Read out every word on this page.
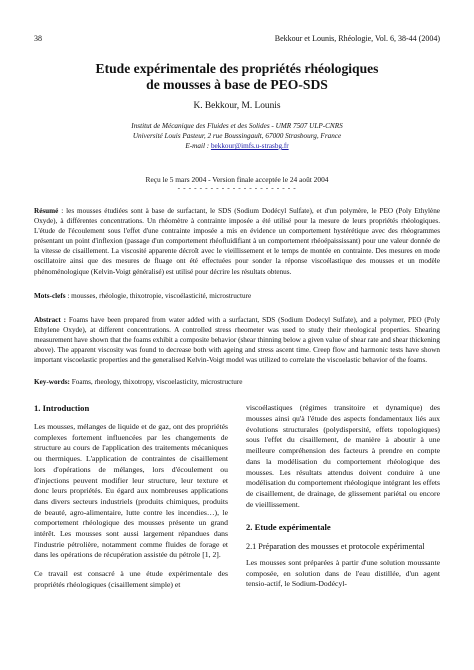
38	Bekkour et Lounis, Rhéologie, Vol. 6, 38-44 (2004)
Etude expérimentale des propriétés rhéologiques
de mousses à base de PEO-SDS
K. Bekkour, M. Lounis
Institut de Mécanique des Fluides et des Solides - UMR 7507 ULP-CNRS
Université Louis Pasteur, 2 rue Boussingault, 67000 Strasbourg, France
E-mail : bekkour@imfs.u-strasbg.fr
Reçu le 5 mars 2004 - Version finale acceptée le 24 août 2004
- - - - - - - - - - - - - - - - - - - - - -
Résumé : les mousses étudiées sont à base de surfactant, le SDS (Sodium Dodécyl Sulfate), et d'un polymère, le PEO (Poly Ethylène Oxyde), à différentes concentrations. Un rhéomètre à contrainte imposée a été utilisé pour la mesure de leurs propriétés rhéologiques. L'étude de l'écoulement sous l'effet d'une contrainte imposée a mis en évidence un comportement hystérétique avec des rhéogrammes présentant un point d'inflexion (passage d'un comportement rhéofluidifiant à un comportement rhéoépaississant) pour une valeur donnée de la vitesse de cisaillement. La viscosité apparente décroît avec le vieillissement et le temps de montée en contrainte. Des mesures en mode oscillatoire ainsi que des mesures de fluage ont été effectuées pour sonder la réponse viscoélastique des mousses et un modèle phénoménologique (Kelvin-Voigt généralisé) est utilisé pour décrire les résultats obtenus.
Mots-clefs : mousses, rhéologie, thixotropie, viscoélasticité, microstructure
Abstract : Foams have been prepared from water added with a surfactant, SDS (Sodium Dodecyl Sulfate), and a polymer, PEO (Poly Ethylene Oxyde), at different concentrations. A controlled stress rheometer was used to study their rheological properties. Shearing measurement have shown that the foams exhibit a composite behavior (shear thinning below a given value of shear rate and shear thickening above). The apparent viscosity was found to decrease both with ageing and stress ascent time. Creep flow and harmonic tests have shown important viscoelastic properties and the generalised Kelvin-Voigt model was utilized to correlate the viscoelastic behavior of the foams.
Key-words: Foams, rheology, thixotropy, viscoelasticity, microstructure
1. Introduction

Les mousses, mélanges de liquide et de gaz, ont des propriétés complexes fortement influencées par les changements de structure au cours de l'application des traitements mécaniques ou thermiques. L'application de contraintes de cisaillement lors d'opérations de mélanges, lors d'écoulement ou d'injections peuvent modifier leur structure, leur texture et donc leurs propriétés. Eu égard aux nombreuses applications dans divers secteurs industriels (produits chimiques, produits de beauté, agro-alimentaire, lutte contre les incendies…), le comportement rhéologique des mousses présente un grand intérêt. Les mousses sont aussi largement répandues dans l'industrie pétrolière, notamment comme fluides de forage et dans les opérations de récupération assistée du pétrole [1, 2].

Ce travail est consacré à une étude expérimentale des propriétés rhéologiques (cisaillement simple) et

viscoélastiques (régimes transitoire et dynamique) des mousses ainsi qu'à l'étude des aspects fondamentaux liés aux évolutions structurales (polydispersité, effets topologiques) sous l'effet du cisaillement, de manière à aboutir à une meilleure compréhension des facteurs à prendre en compte dans la modélisation du comportement rhéologique des mousses. Les résultats attendus doivent conduire à une modélisation du comportement rhéologique intégrant les effets de cisaillement, de drainage, de glissement pariétal ou encore de vieillissement.

2. Etude expérimentale
2.1 Préparation des mousses et protocole expérimental

Les mousses sont préparées à partir d'une solution moussante composée, en solution dans de l'eau distillée, d'un agent tensio-actif, le Sodium-Dodécyl-
